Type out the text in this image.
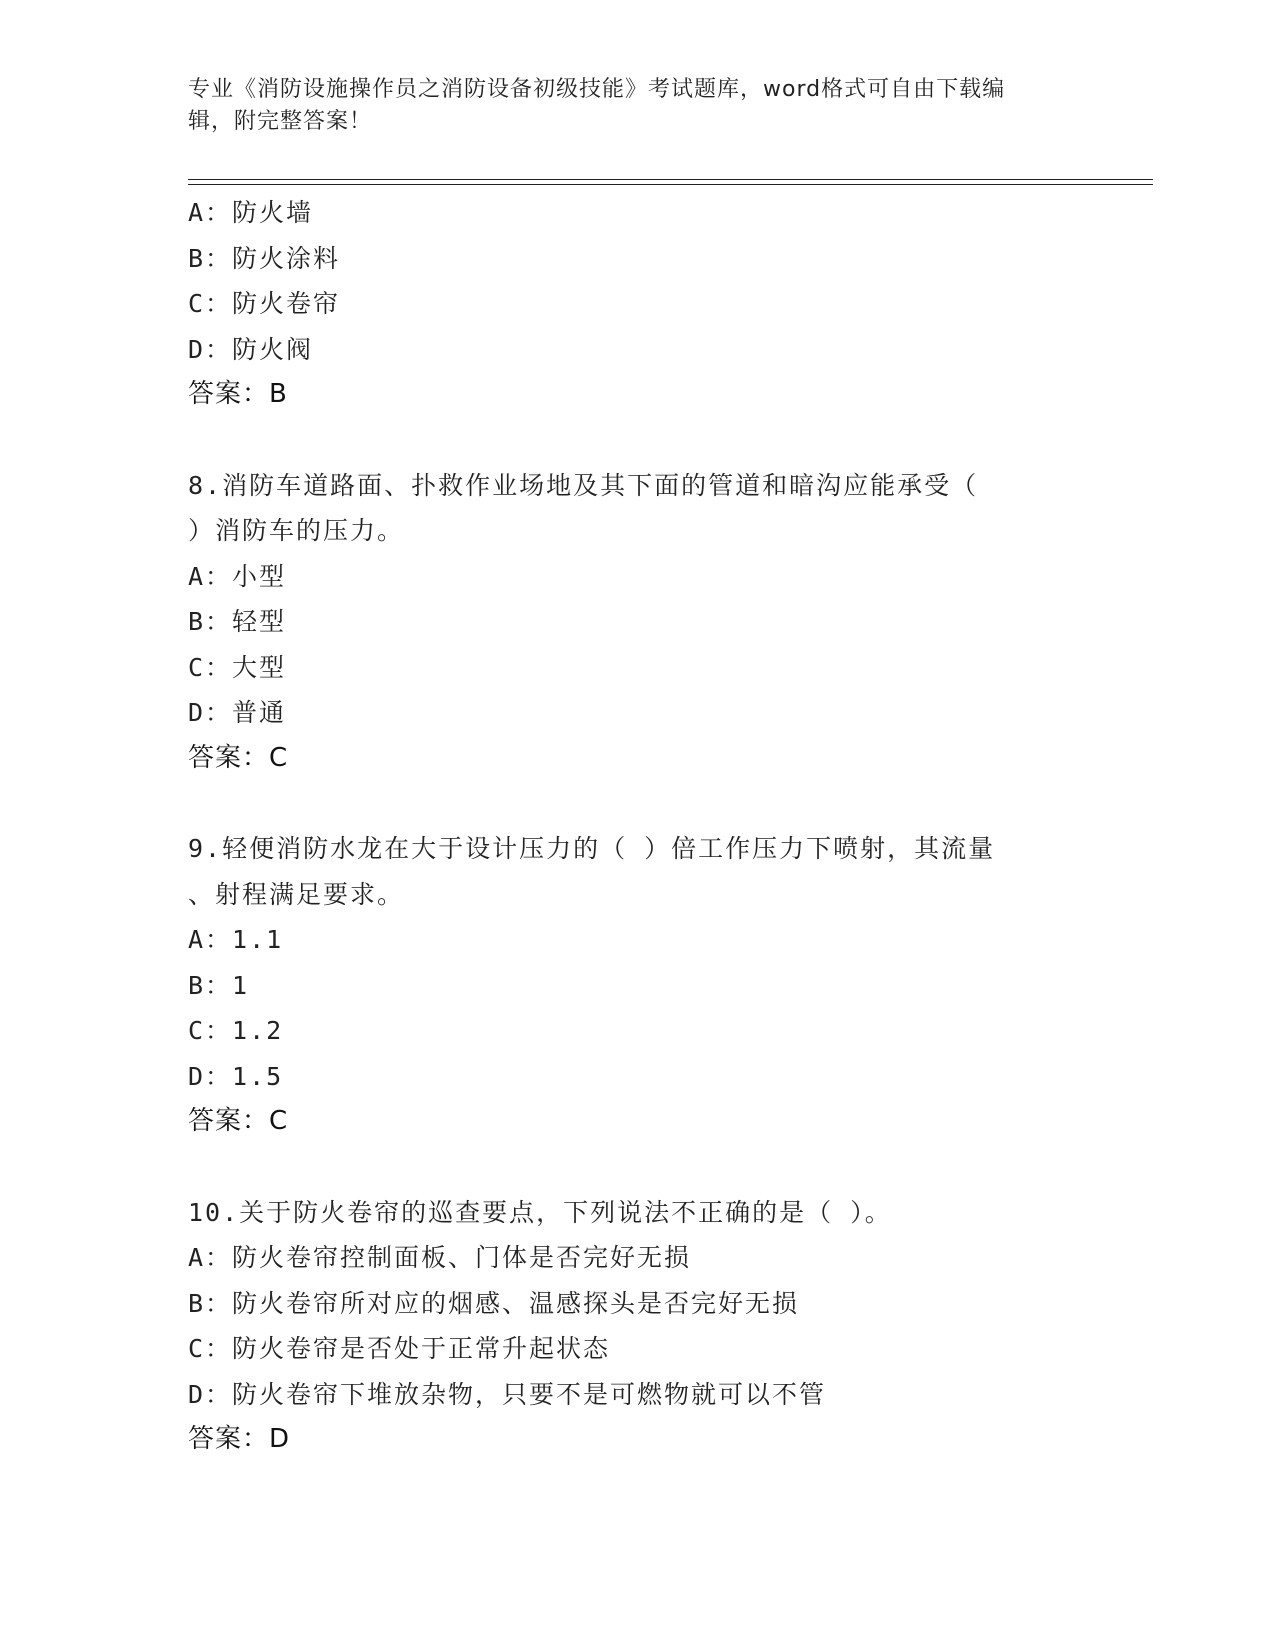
专业《消防设施操作员之消防设备初级技能》考试题库，word格式可自由下载编
辑，附完整答案！
A：防火墙
B：防火涂料
C：防火卷帘
D：防火阀
答案：B
8.消防车道路面、扑救作业场地及其下面的管道和暗沟应能承受（
）消防车的压力。
A：小型
B：轻型
C：大型
D：普通
答案：C
9.轻便消防水龙在大于设计压力的（ ）倍工作压力下喷射，其流量
、射程满足要求。
A：1.1
B：1
C：1.2
D：1.5
答案：C
10.关于防火卷帘的巡查要点，下列说法不正确的是（ ）。
A：防火卷帘控制面板、门体是否完好无损
B：防火卷帘所对应的烟感、温感探头是否完好无损
C：防火卷帘是否处于正常升起状态
D：防火卷帘下堆放杂物，只要不是可燃物就可以不管
答案：D
